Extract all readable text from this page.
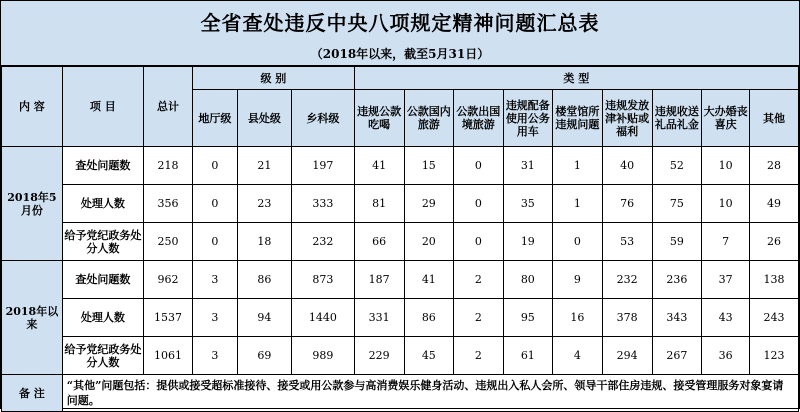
全省查处违反中央八项规定精神问题汇总表
（2018年以来，截至5月31日）
内 容	项 目	总计	级 别			类 型								
			地厅级	县处级	乡科级	违规公款吃喝	公款国内旅游	公款出国境旅游	违规配备使用公务用车	楼堂馆所违规问题	违规发放津补贴或福利	违规收送礼品礼金	大办婚丧喜庆	其他
2018年5月份	查处问题数	218	0	21	197	41	15	0	31	1	40	52	10	28
	处理人数	356	0	23	333	81	29	0	35	1	76	75	10	49
	给予党纪政务处分人数	250	0	18	232	66	20	0	19	0	53	59	7	26
2018年以来	查处问题数	962	3	86	873	187	41	2	80	9	232	236	37	138
	处理人数	1537	3	94	1440	331	86	2	95	16	378	343	43	243
	给予党纪政务处分人数	1061	3	69	989	229	45	2	61	4	294	267	36	123
备 注	“其他”问题包括：提供或接受超标准接待、接受或用公款参与高消费娱乐健身活动、违规出入私人会所、领导干部住房违规、接受管理服务对象宴请问题。													
